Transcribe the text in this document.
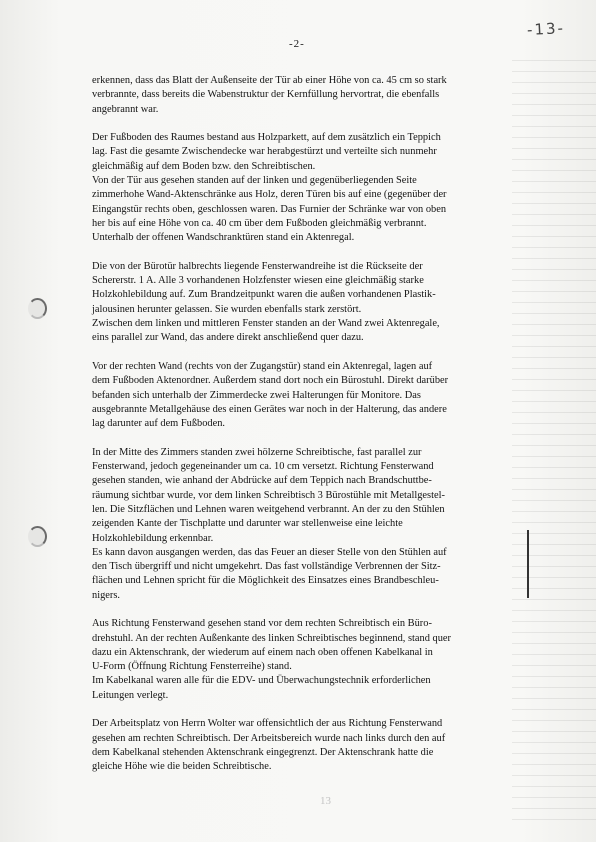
-13-
-2-

erkennen, dass das Blatt der Außenseite der Tür ab einer Höhe von ca. 45 cm so stark
verbrannte, dass bereits die Wabenstruktur der Kernfüllung hervortrat, die ebenfalls
angebrannt war.

Der Fußboden des Raumes bestand aus Holzparkett, auf dem zusätzlich ein Teppich
lag. Fast die gesamte Zwischendecke war herabgestürzt und verteilte sich nunmehr
gleichmäßig auf dem Boden bzw. den Schreibtischen.
Von der Tür aus gesehen standen auf der linken und gegenüberliegenden Seite
zimmerhohe Wand-Aktenschränke aus Holz, deren Türen bis auf eine (gegenüber der
Eingangstür rechts oben, geschlossen waren. Das Furnier der Schränke war von oben
her bis auf eine Höhe von ca. 40 cm über dem Fußboden gleichmäßig verbrannt.
Unterhalb der offenen Wandschranktüren stand ein Aktenregal.

Die von der Bürotür halbrechts liegende Fensterwandreihe ist die Rückseite der
Schererstr. 1 A. Alle 3 vorhandenen Holzfenster wiesen eine gleichmäßig starke
Holzkohlebildung auf. Zum Brandzeitpunkt waren die außen vorhandenen Plastik-
jalousinen herunter gelassen. Sie wurden ebenfalls stark zerstört.
Zwischen dem linken und mittleren Fenster standen an der Wand zwei Aktenregale,
eins parallel zur Wand, das andere direkt anschließend quer dazu.

Vor der rechten Wand (rechts von der Zugangstür) stand ein Aktenregal, lagen auf
dem Fußboden Aktenordner. Außerdem stand dort noch ein Bürostuhl. Direkt darüber
befanden sich unterhalb der Zimmerdecke zwei Halterungen für Monitore. Das
ausgebrannte Metallgehäuse des einen Gerätes war noch in der Halterung, das andere
lag darunter auf dem Fußboden.

In der Mitte des Zimmers standen zwei hölzerne Schreibtische, fast parallel zur
Fensterwand, jedoch gegeneinander um ca. 10 cm versetzt. Richtung Fensterwand
gesehen standen, wie anhand der Abdrücke auf dem Teppich nach Brandschuttbe-
räumung sichtbar wurde, vor dem linken Schreibtisch 3 Bürostühle mit Metallgestel-
len. Die Sitzflächen und Lehnen waren weitgehend verbrannt. An der zu den Stühlen
zeigenden Kante der Tischplatte und darunter war stellenweise eine leichte
Holzkohlebildung erkennbar.
Es kann davon ausgangen werden, das das Feuer an dieser Stelle von den Stühlen auf
den Tisch übergriff und nicht umgekehrt. Das fast vollständige Verbrennen der Sitz-
flächen und Lehnen spricht für die Möglichkeit des Einsatzes eines Brandbeschleu-
nigers.

Aus Richtung Fensterwand gesehen stand vor dem rechten Schreibtisch ein Büro-
drehstuhl. An der rechten Außenkante des linken Schreibtisches beginnend, stand quer
dazu ein Aktenschrank, der wiederum auf einem nach oben offenen Kabelkanal in
U-Form (Öffnung Richtung Fensterreihe) stand.
Im Kabelkanal waren alle für die EDV- und Überwachungstechnik erforderlichen
Leitungen verlegt.

Der Arbeitsplatz von Herrn Wolter war offensichtlich der aus Richtung Fensterwand
gesehen am rechten Schreibtisch. Der Arbeitsbereich wurde nach links durch den auf
dem Kabelkanal stehenden Aktenschrank eingegrenzt. Der Aktenschrank hatte die
gleiche Höhe wie die beiden Schreibtische.

13
